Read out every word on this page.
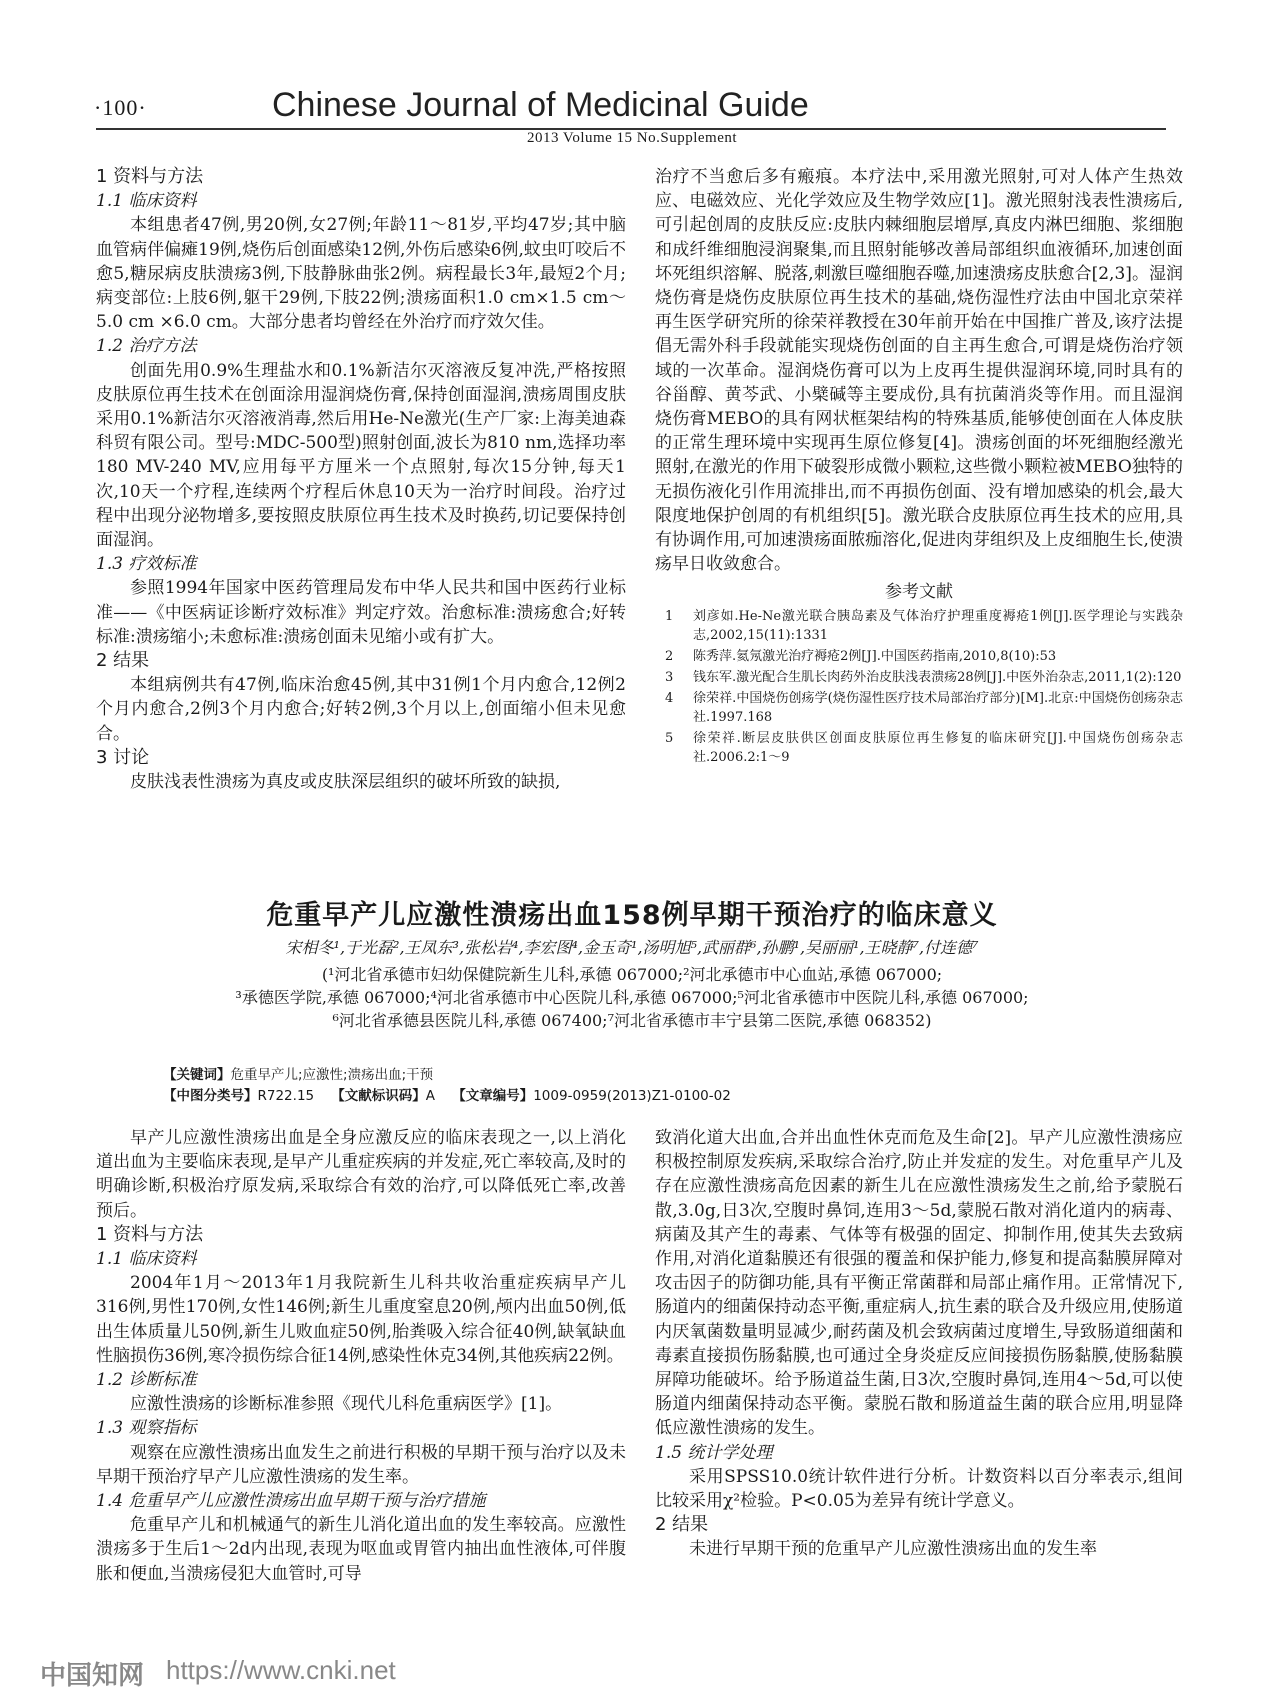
·100·	Chinese Journal of Medicinal Guide
2013 Volume 15 No.Supplement
1 资料与方法
1.1 临床资料

本组患者47例,男20例,女27例;年龄11～81岁,平均47岁;其中脑血管病伴偏瘫19例,烧伤后创面感染12例,外伤后感染6例,蚊虫叮咬后不愈5,糖尿病皮肤溃疡3例,下肢静脉曲张2例。病程最长3年,最短2个月;病变部位:上肢6例,躯干29例,下肢22例;溃疡面积1.0 cm×1.5 cm～5.0 cm ×6.0 cm。大部分患者均曾经在外治疗而疗效欠佳。

1.2 治疗方法

创面先用0.9%生理盐水和0.1%新洁尔灭溶液反复冲洗,严格按照皮肤原位再生技术在创面涂用湿润烧伤膏,保持创面湿润,溃疡周围皮肤采用0.1%新洁尔灭溶液消毒,然后用He-Ne激光(生产厂家:上海美迪森科贸有限公司。型号:MDC-500型)照射创面,波长为810 nm,选择功率180 MV-240 MV,应用每平方厘米一个点照射,每次15分钟,每天1次,10天一个疗程,连续两个疗程后休息10天为一治疗时间段。治疗过程中出现分泌物增多,要按照皮肤原位再生技术及时换药,切记要保持创面湿润。

1.3 疗效标准

参照1994年国家中医药管理局发布中华人民共和国中医药行业标准——《中医病证诊断疗效标准》判定疗效。治愈标准:溃疡愈合;好转标准:溃疡缩小;未愈标准:溃疡创面未见缩小或有扩大。

2 结果

本组病例共有47例,临床治愈45例,其中31例1个月内愈合,12例2个月内愈合,2例3个月内愈合;好转2例,3个月以上,创面缩小但未见愈合。

3 讨论

皮肤浅表性溃疡为真皮或皮肤深层组织的破坏所致的缺损,

治疗不当愈后多有瘢痕。本疗法中,采用激光照射,可对人体产生热效应、电磁效应、光化学效应及生物学效应[1]。激光照射浅表性溃疡后,可引起创周的皮肤反应:皮肤内棘细胞层增厚,真皮内淋巴细胞、浆细胞和成纤维细胞浸润聚集,而且照射能够改善局部组织血液循环,加速创面坏死组织溶解、脱落,刺激巨噬细胞吞噬,加速溃疡皮肤愈合[2,3]。湿润烧伤膏是烧伤皮肤原位再生技术的基础,烧伤湿性疗法由中国北京荣祥再生医学研究所的徐荣祥教授在30年前开始在中国推广普及,该疗法提倡无需外科手段就能实现烧伤创面的自主再生愈合,可谓是烧伤治疗领域的一次革命。湿润烧伤膏可以为上皮再生提供湿润环境,同时具有的谷甾醇、黄芩武、小檗碱等主要成份,具有抗菌消炎等作用。而且湿润烧伤膏MEBO的具有网状框架结构的特殊基质,能够使创面在人体皮肤的正常生理环境中实现再生原位修复[4]。溃疡创面的坏死细胞经激光照射,在激光的作用下破裂形成微小颗粒,这些微小颗粒被MEBO独特的无损伤液化引作用流排出,而不再损伤创面、没有增加感染的机会,最大限度地保护创周的有机组织[5]。激光联合皮肤原位再生技术的应用,具有协调作用,可加速溃疡面脓痂溶化,促进肉芽组织及上皮细胞生长,使溃疡早日收敛愈合。

参考文献
1	刘彦如.He-Ne激光联合胰岛素及气体治疗护理重度褥疮1例[J].医学理论与实践杂志,2002,15(11):1331
2	陈秀萍.氦氖激光治疗褥疮2例[J].中国医药指南,2010,8(10):53
3	钱东军.激光配合生肌长肉药外治皮肤浅表溃疡28例[J].中医外治杂志,2011,1(2):120
4	徐荣祥.中国烧伤创疡学(烧伤湿性医疗技术局部治疗部分)[M].北京:中国烧伤创疡杂志社.1997.168
5	徐荣祥.断层皮肤供区创面皮肤原位再生修复的临床研究[J].中国烧伤创疡杂志社.2006.2:1～9
危重早产儿应激性溃疡出血158例早期干预治疗的临床意义
宋相冬¹,于光磊²,王凤东³,张松岩⁴,李宏图⁴,金玉奇¹,汤明旭⁵,武丽群⁶,孙鹏¹,吴丽丽¹,王晓静⁷,付连德⁷
(¹河北省承德市妇幼保健院新生儿科,承德 067000;²河北承德市中心血站,承德 067000;
³承德医学院,承德 067000;⁴河北省承德市中心医院儿科,承德 067000;⁵河北省承德市中医院儿科,承德 067000;
⁶河北省承德县医院儿科,承德 067400;⁷河北省承德市丰宁县第二医院,承德 068352)
【关键词】危重早产儿;应激性;溃疡出血;干预
【中图分类号】R722.15 【文献标识码】A 【文章编号】1009-0959(2013)Z1-0100-02

早产儿应激性溃疡出血是全身应激反应的临床表现之一,以上消化道出血为主要临床表现,是早产儿重症疾病的并发症,死亡率较高,及时的明确诊断,积极治疗原发病,采取综合有效的治疗,可以降低死亡率,改善预后。

1 资料与方法
1.1 临床资料

2004年1月～2013年1月我院新生儿科共收治重症疾病早产儿316例,男性170例,女性146例;新生儿重度窒息20例,颅内出血50例,低出生体质量儿50例,新生儿败血症50例,胎粪吸入综合征40例,缺氧缺血性脑损伤36例,寒冷损伤综合征14例,感染性休克34例,其他疾病22例。

1.2 诊断标准

应激性溃疡的诊断标准参照《现代儿科危重病医学》[1]。

1.3 观察指标

观察在应激性溃疡出血发生之前进行积极的早期干预与治疗以及未早期干预治疗早产儿应激性溃疡的发生率。

1.4 危重早产儿应激性溃疡出血早期干预与治疗措施

危重早产儿和机械通气的新生儿消化道出血的发生率较高。应激性溃疡多于生后1～2d内出现,表现为呕血或胃管内抽出血性液体,可伴腹胀和便血,当溃疡侵犯大血管时,可导

致消化道大出血,合并出血性休克而危及生命[2]。早产儿应激性溃疡应积极控制原发疾病,采取综合治疗,防止并发症的发生。对危重早产儿及存在应激性溃疡高危因素的新生儿在应激性溃疡发生之前,给予蒙脱石散,3.0g,日3次,空腹时鼻饲,连用3～5d,蒙脱石散对消化道内的病毒、病菌及其产生的毒素、气体等有极强的固定、抑制作用,使其失去致病作用,对消化道黏膜还有很强的覆盖和保护能力,修复和提高黏膜屏障对攻击因子的防御功能,具有平衡正常菌群和局部止痛作用。正常情况下,肠道内的细菌保持动态平衡,重症病人,抗生素的联合及升级应用,使肠道内厌氧菌数量明显减少,耐药菌及机会致病菌过度增生,导致肠道细菌和毒素直接损伤肠黏膜,也可通过全身炎症反应间接损伤肠黏膜,使肠黏膜屏障功能破坏。给予肠道益生菌,日3次,空腹时鼻饲,连用4～5d,可以使肠道内细菌保持动态平衡。蒙脱石散和肠道益生菌的联合应用,明显降低应激性溃疡的发生。

1.5 统计学处理

采用SPSS10.0统计软件进行分析。计数资料以百分率表示,组间比较采用χ²检验。P<0.05为差异有统计学意义。

2 结果

未进行早期干预的危重早产儿应激性溃疡出血的发生率

中国知网 https://www.cnki.net
